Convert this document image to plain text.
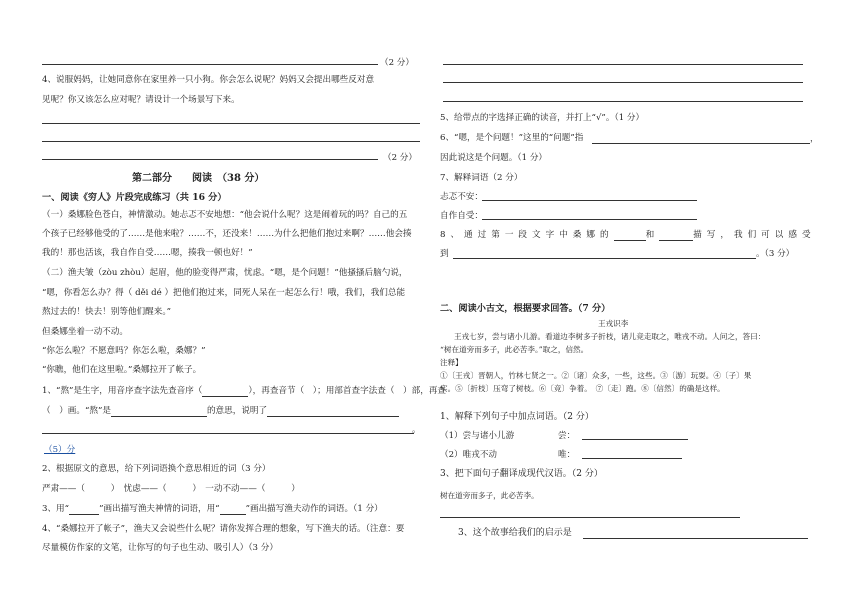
（2 分）
4、说服妈妈，让她同意你在家里养一只小狗。你会怎么说呢？妈妈又会提出哪些反对意
见呢？你又该怎么应对呢？请设计一个场景写下来。
（2 分）
第二部分　　阅读　（38 分）
一、阅读《穷人》片段完成练习（共 16 分）
（一）桑娜脸色苍白，神情激动。她忐忑不安地想：“他会说什么呢？这是闹着玩的吗？自己的五
个孩子已经够他受的了……是他来啦？……不，还没来！……为什么把他们抱过来啊？……他会揍
我的！那也活该，我自作自受……嗯，揍我一顿也好！”
（二）渔夫皱（zòu zhòu）起眉，他的脸变得严肃，忧虑。“嗯，是个问题！”他搔搔后脑勺说，
“嗯，你看怎么办？得（ děi dé ）把他们抱过来，同死人呆在一起怎么行！哦，我们，我们总能
熬过去的！快去！别等他们醒来。”
但桑娜坐着一动不动。
“你怎么啦？不愿意吗？你怎么啦，桑娜？”
“你瞧，他们在这里啦。”桑娜拉开了帐子。
1、“熬”是生字，用音序查字法先查音序（	），再查音节（　）；用部首查字法查（　）部，再查
（　）画。“熬”是	的意思，说明了
。
（5）分
2、根据原文的意思，给下列词语换个意思相近的词（3 分）
严肃——（　　　）　忧虑——（　　　）　一动不动——（　　　）
3、用“	”画出描写渔夫神情的词语，用“	”画出描写渔夫动作的词语。（1 分）
4、“桑娜拉开了帐子”，渔夫又会说些什么呢？请你发挥合理的想象，写下渔夫的话。（注意：要
尽量模仿作家的文笔，让你写的句子也生动、吸引人）（3 分）
5、给带点的字选择正确的读音，并打上“√”。（1 分）
6、“嗯，是个问题！”这里的“问题”指	，
因此说这是个问题。（1 分）
7、解释词语（2 分）
忐忑不安：
自作自受：
8、通过第一段文字中桑娜的	和	描写，我们可以感受
到	。（3 分）
二、阅读小古文，根据要求回答。（7 分）
王戎识李
王戎七岁，尝与诸小儿游。看道边李树多子折枝，诸儿竞走取之，唯戎不动。人问之，答曰：
“树在道旁而多子，此必苦李。”取之，信然。
注释】
①〔王戎〕晋朝人，竹林七贤之一。②〔诸〕众多，一些，这些。③〔游〕玩耍。④〔子〕果
实。⑤〔折枝〕压弯了树枝。⑥〔竞〕争着。　⑦〔走〕跑。⑧〔信然〕的确是这样。
1、解释下列句子中加点词语。（2 分）
（1）尝与诸小儿游	尝：
（2）唯戎不动	唯：
3、把下面句子翻译成现代汉语。（2 分）
树在道旁而多子，此必苦李。
3、这个故事给我们的启示是
